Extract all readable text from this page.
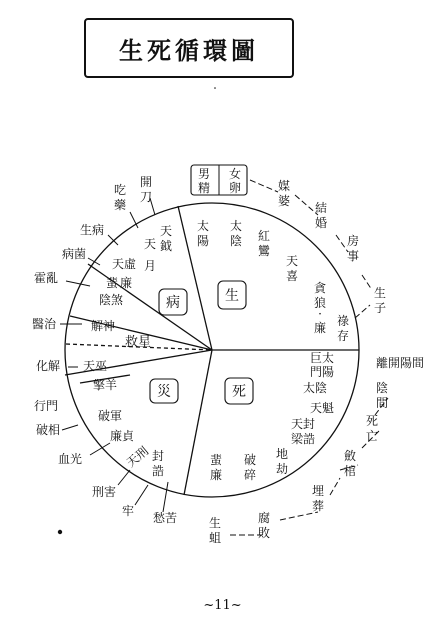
生死循環圖
生
病
死
災
男
精
女
卵
太
陽
太
陰 紅
鸞
天
喜
貪
狼
·
廉 祿
存
媒
婆 結
婚
房
事
生
子
巨太
門陽
離開陽間
太陰	陰
間
天魁
死
亡
天封
梁誥
斂
棺
地
劫
埋
葬
破
碎
腐
敗
蜚
廉
生
蛆
擎羊
天巫
化解
行門
破軍
破相	廉貞
天刑
血光	封
誥
刑害
牢 愁苦
救星
解神
醫治
陰煞
霍亂	蜚 廉
病菌
天虛
天
月
生病
吃
藥
天
鉞
開
刀
~11~
